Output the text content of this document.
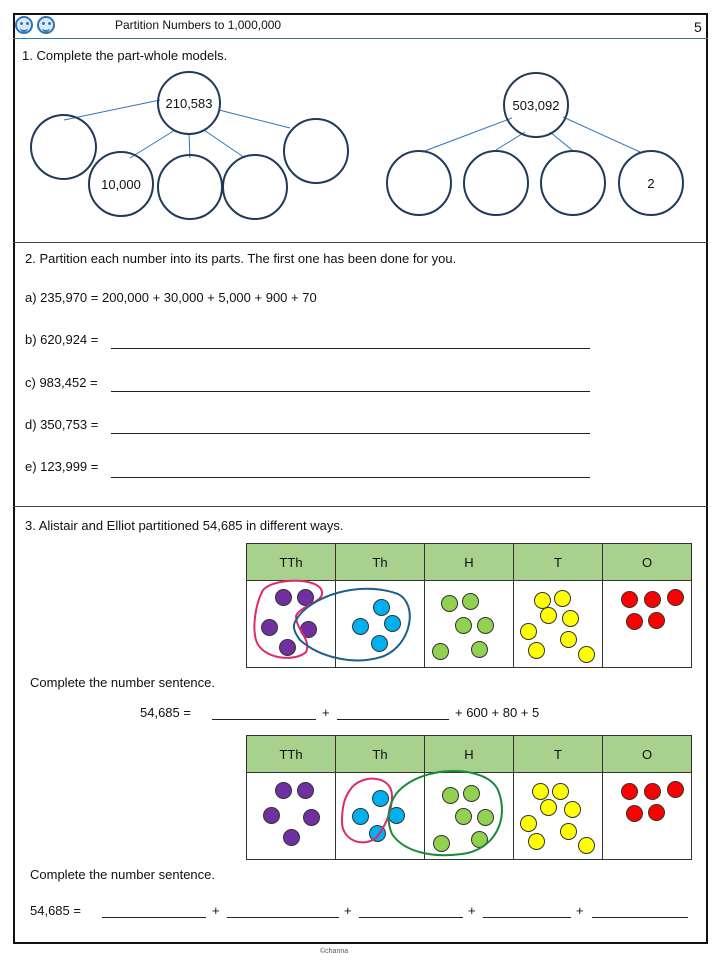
Partition Numbers to 1,000,000	5
1. Complete the part-whole models.
210,583
10,000
503,092
2
2. Partition each number into its parts. The first one has been done for you.
a) 235,970 = 200,000 + 30,000 + 5,000 + 900 + 70
b) 620,924 =
c) 983,452 =
d) 350,753 =
e) 123,999 =
3. Alistair and Elliot partitioned 54,685 in different ways.
TTh	Th	H	T	O

Complete the number sentence.
54,685 =	+	+ 600 + 80 + 5
TTh	Th	H	T	O

Complete the number sentence.
54,685 =	+	+	+	+
©channa
